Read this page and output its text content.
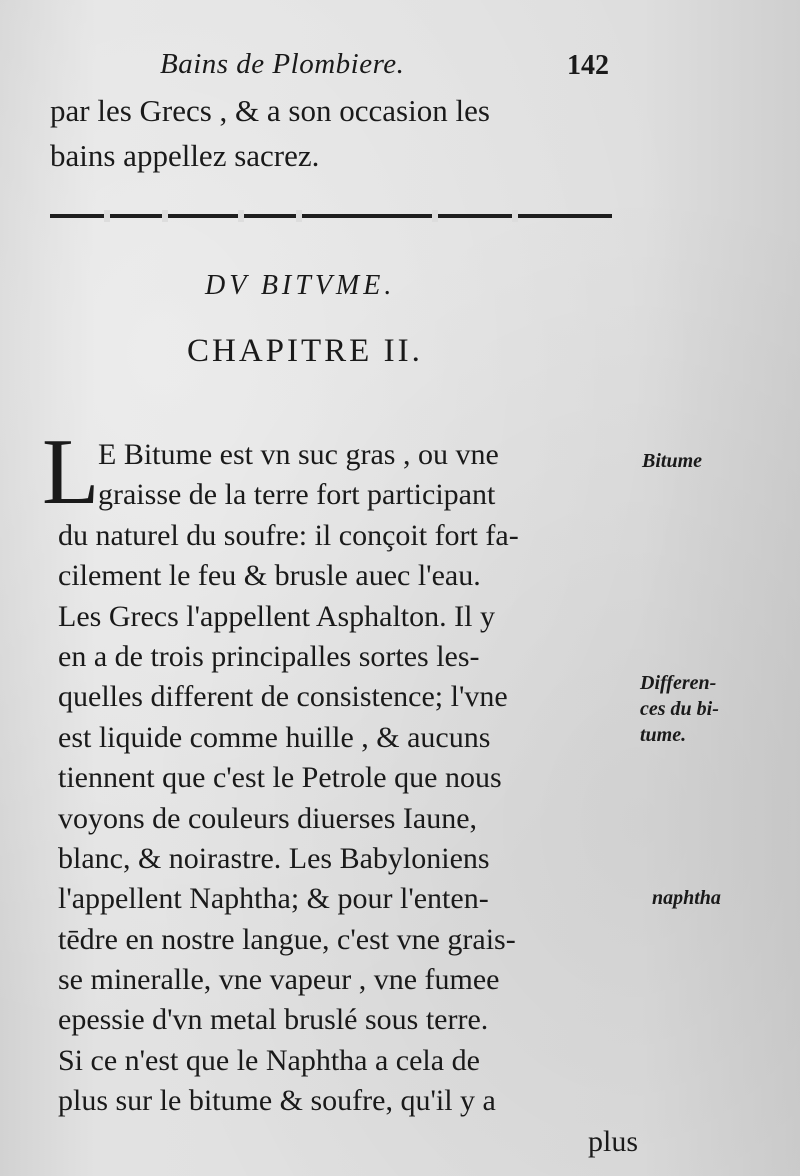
Bains de Plombiere.	142
par les Grecs , & a son occasion les
bains appellez sacrez.
DV BITVME.
CHAPITRE II.
L
E Bitume est vn suc gras , ou vne
graisse de la terre fort participant
du naturel du soufre: il conçoit fort fa-
cilement le feu & brusle auec l'eau.
Les Grecs l'appellent Asphalton. Il y
en a de trois principalles sortes les-
quelles different de consistence; l'vne
est liquide comme huille , & aucuns
tiennent que c'est le Petrole que nous
voyons de couleurs diuerses Iaune,
blanc, & noirastre. Les Babyloniens
l'appellent Naphtha; & pour l'enten-
tēdre en nostre langue, c'est vne grais-
se mineralle, vne vapeur , vne fumee
epessie d'vn metal bruslé sous terre.
Si ce n'est que le Naphtha a cela de
plus sur le bitume & soufre, qu'il y a
plus
Bitume
Differen-
ces du bi-
tume.
naphtha
